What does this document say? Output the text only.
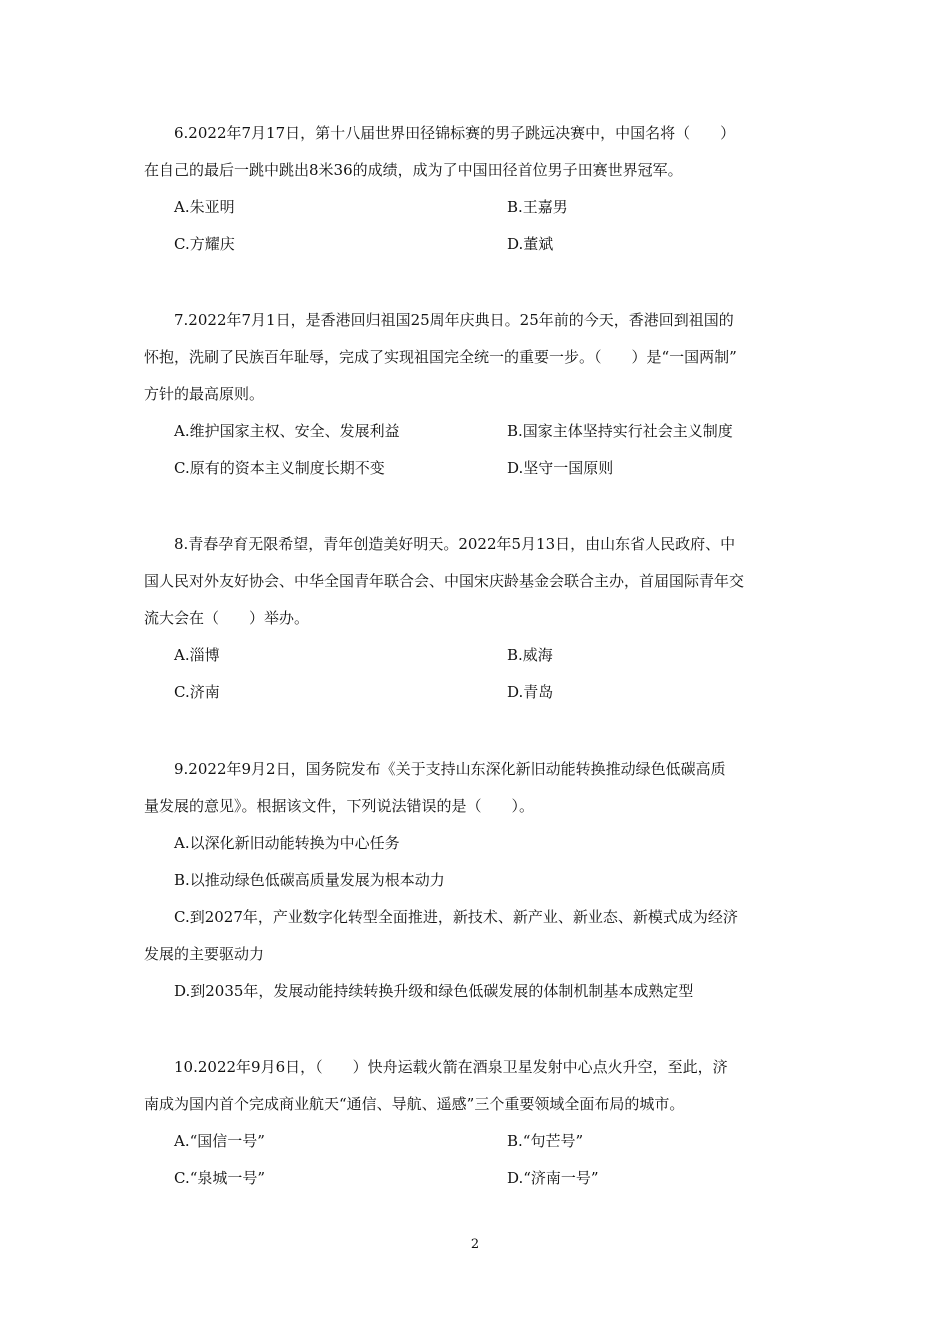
6.2022年7月17日，第十八届世界田径锦标赛的男子跳远决赛中，中国名将（　　）

在自己的最后一跳中跳出8米36的成绩，成为了中国田径首位男子田赛世界冠军。

A.朱亚明	B.王嘉男
C.方耀庆	D.董斌

7.2022年7月1日，是香港回归祖国25周年庆典日。25年前的今天，香港回到祖国的

怀抱，洗刷了民族百年耻辱，完成了实现祖国完全统一的重要一步。（　　）是“一国两制”

方针的最高原则。

A.维护国家主权、安全、发展利益	B.国家主体坚持实行社会主义制度
C.原有的资本主义制度长期不变	D.坚守一国原则

8.青春孕育无限希望，青年创造美好明天。2022年5月13日，由山东省人民政府、中

国人民对外友好协会、中华全国青年联合会、中国宋庆龄基金会联合主办，首届国际青年交

流大会在（　　）举办。

A.淄博	B.威海
C.济南	D.青岛

9.2022年9月2日，国务院发布《关于支持山东深化新旧动能转换推动绿色低碳高质

量发展的意见》。根据该文件，下列说法错误的是（　　）。

A.以深化新旧动能转换为中心任务
B.以推动绿色低碳高质量发展为根本动力
C.到2027年，产业数字化转型全面推进，新技术、新产业、新业态、新模式成为经济
发展的主要驱动力
D.到2035年，发展动能持续转换升级和绿色低碳发展的体制机制基本成熟定型

10.2022年9月6日，（　　）快舟运载火箭在酒泉卫星发射中心点火升空，至此，济

南成为国内首个完成商业航天“通信、导航、遥感”三个重要领域全面布局的城市。

A.“国信一号”	B.“句芒号”
C.“泉城一号”	D.“济南一号”
2
